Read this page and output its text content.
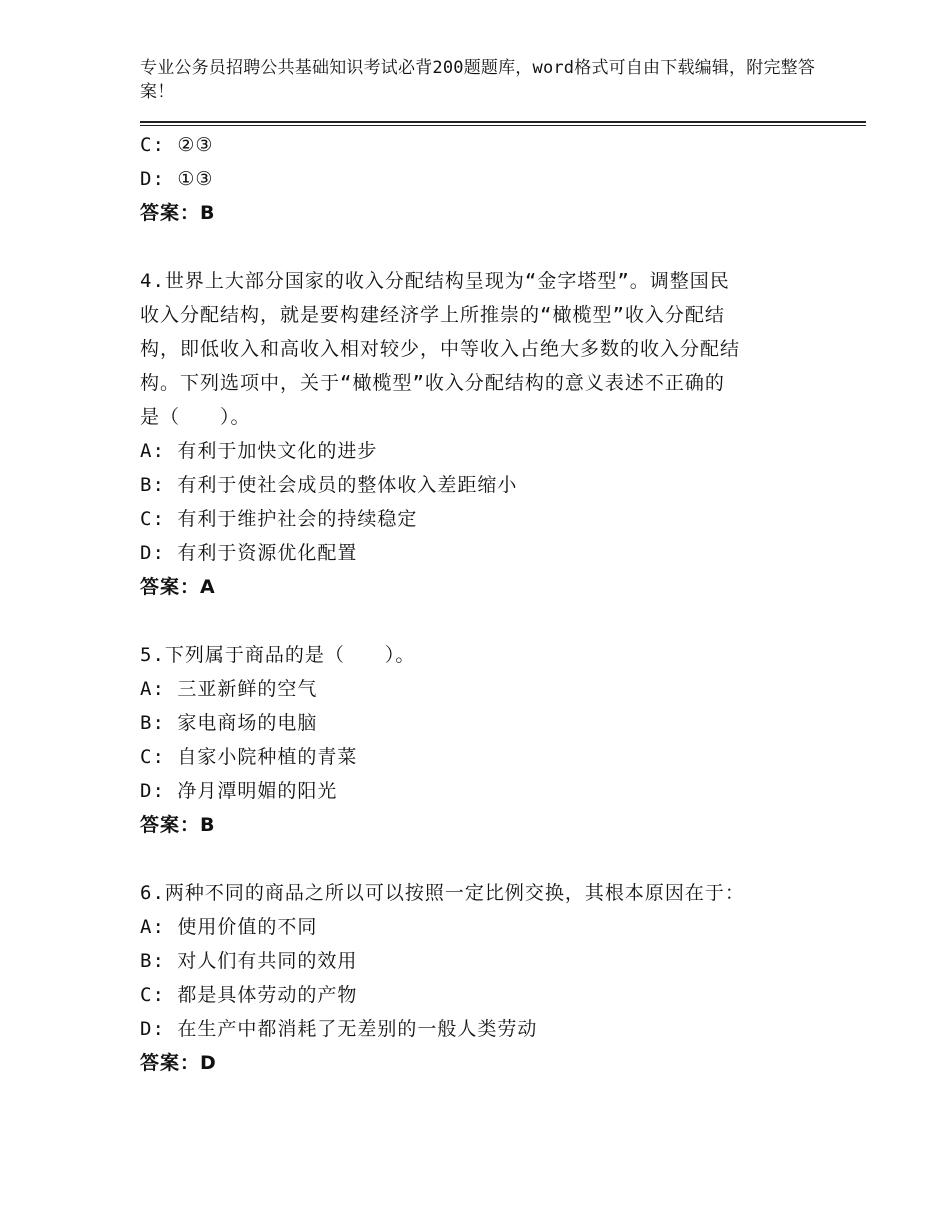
专业公务员招聘公共基础知识考试必背200题题库，word格式可自由下载编辑，附完整答案！
C: ②③
D: ①③
答案：B
4.世界上大部分国家的收入分配结构呈现为“金字塔型”。调整国民
收入分配结构，就是要构建经济学上所推崇的“橄榄型”收入分配结
构，即低收入和高收入相对较少，中等收入占绝大多数的收入分配结
构。下列选项中，关于“橄榄型”收入分配结构的意义表述不正确的
是（　　）。
A: 有利于加快文化的进步
B: 有利于使社会成员的整体收入差距缩小
C: 有利于维护社会的持续稳定
D: 有利于资源优化配置
答案：A
5.下列属于商品的是（　　）。
A: 三亚新鲜的空气
B: 家电商场的电脑
C: 自家小院种植的青菜
D: 净月潭明媚的阳光
答案：B
6.两种不同的商品之所以可以按照一定比例交换，其根本原因在于：
A: 使用价值的不同
B: 对人们有共同的效用
C: 都是具体劳动的产物
D: 在生产中都消耗了无差别的一般人类劳动
答案：D
